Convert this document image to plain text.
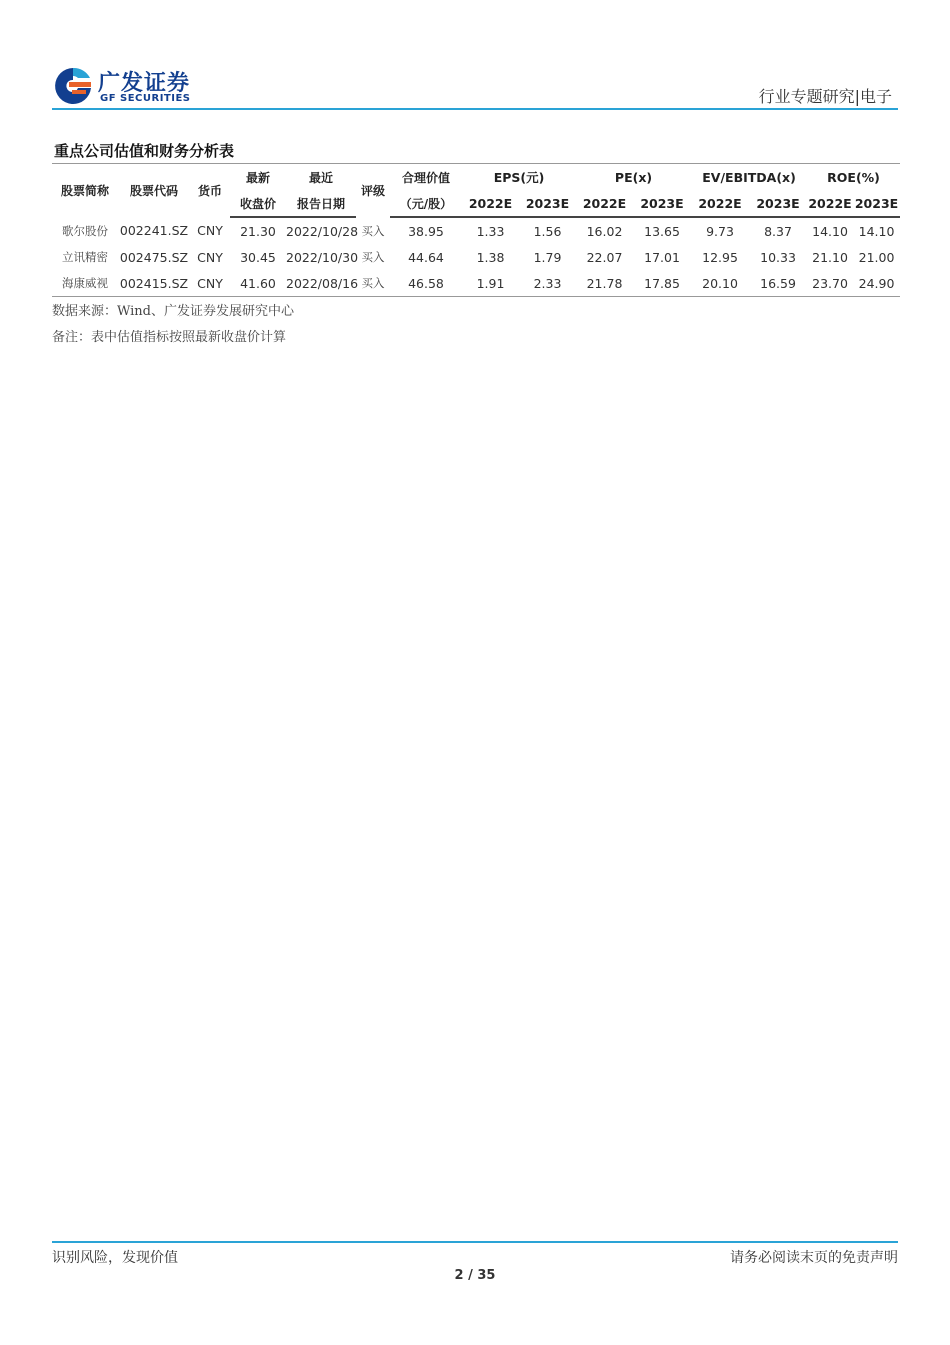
广发证券
GF SECURITIES	行业专题研究|电子
重点公司估值和财务分析表
股票简称	股票代码	货币	最新	最近	评级	合理价值	EPS(元)		PE(x)		EV/EBITDA(x)		ROE(%)	
			收盘价	报告日期		（元/股）	2022E	2023E	2022E	2023E	2022E	2023E	2022E	2023E
歌尔股份	002241.SZ	CNY	21.30	2022/10/28	买入	38.95	1.33	1.56	16.02	13.65	9.73	8.37	14.10	14.10
立讯精密	002475.SZ	CNY	30.45	2022/10/30	买入	44.64	1.38	1.79	22.07	17.01	12.95	10.33	21.10	21.00
海康威视	002415.SZ	CNY	41.60	2022/08/16	买入	46.58	1.91	2.33	21.78	17.85	20.10	16.59	23.70	24.90
数据来源：Wind、广发证券发展研究中心
备注：表中估值指标按照最新收盘价计算
识别风险，发现价值	请务必阅读末页的免责声明
2 / 35
